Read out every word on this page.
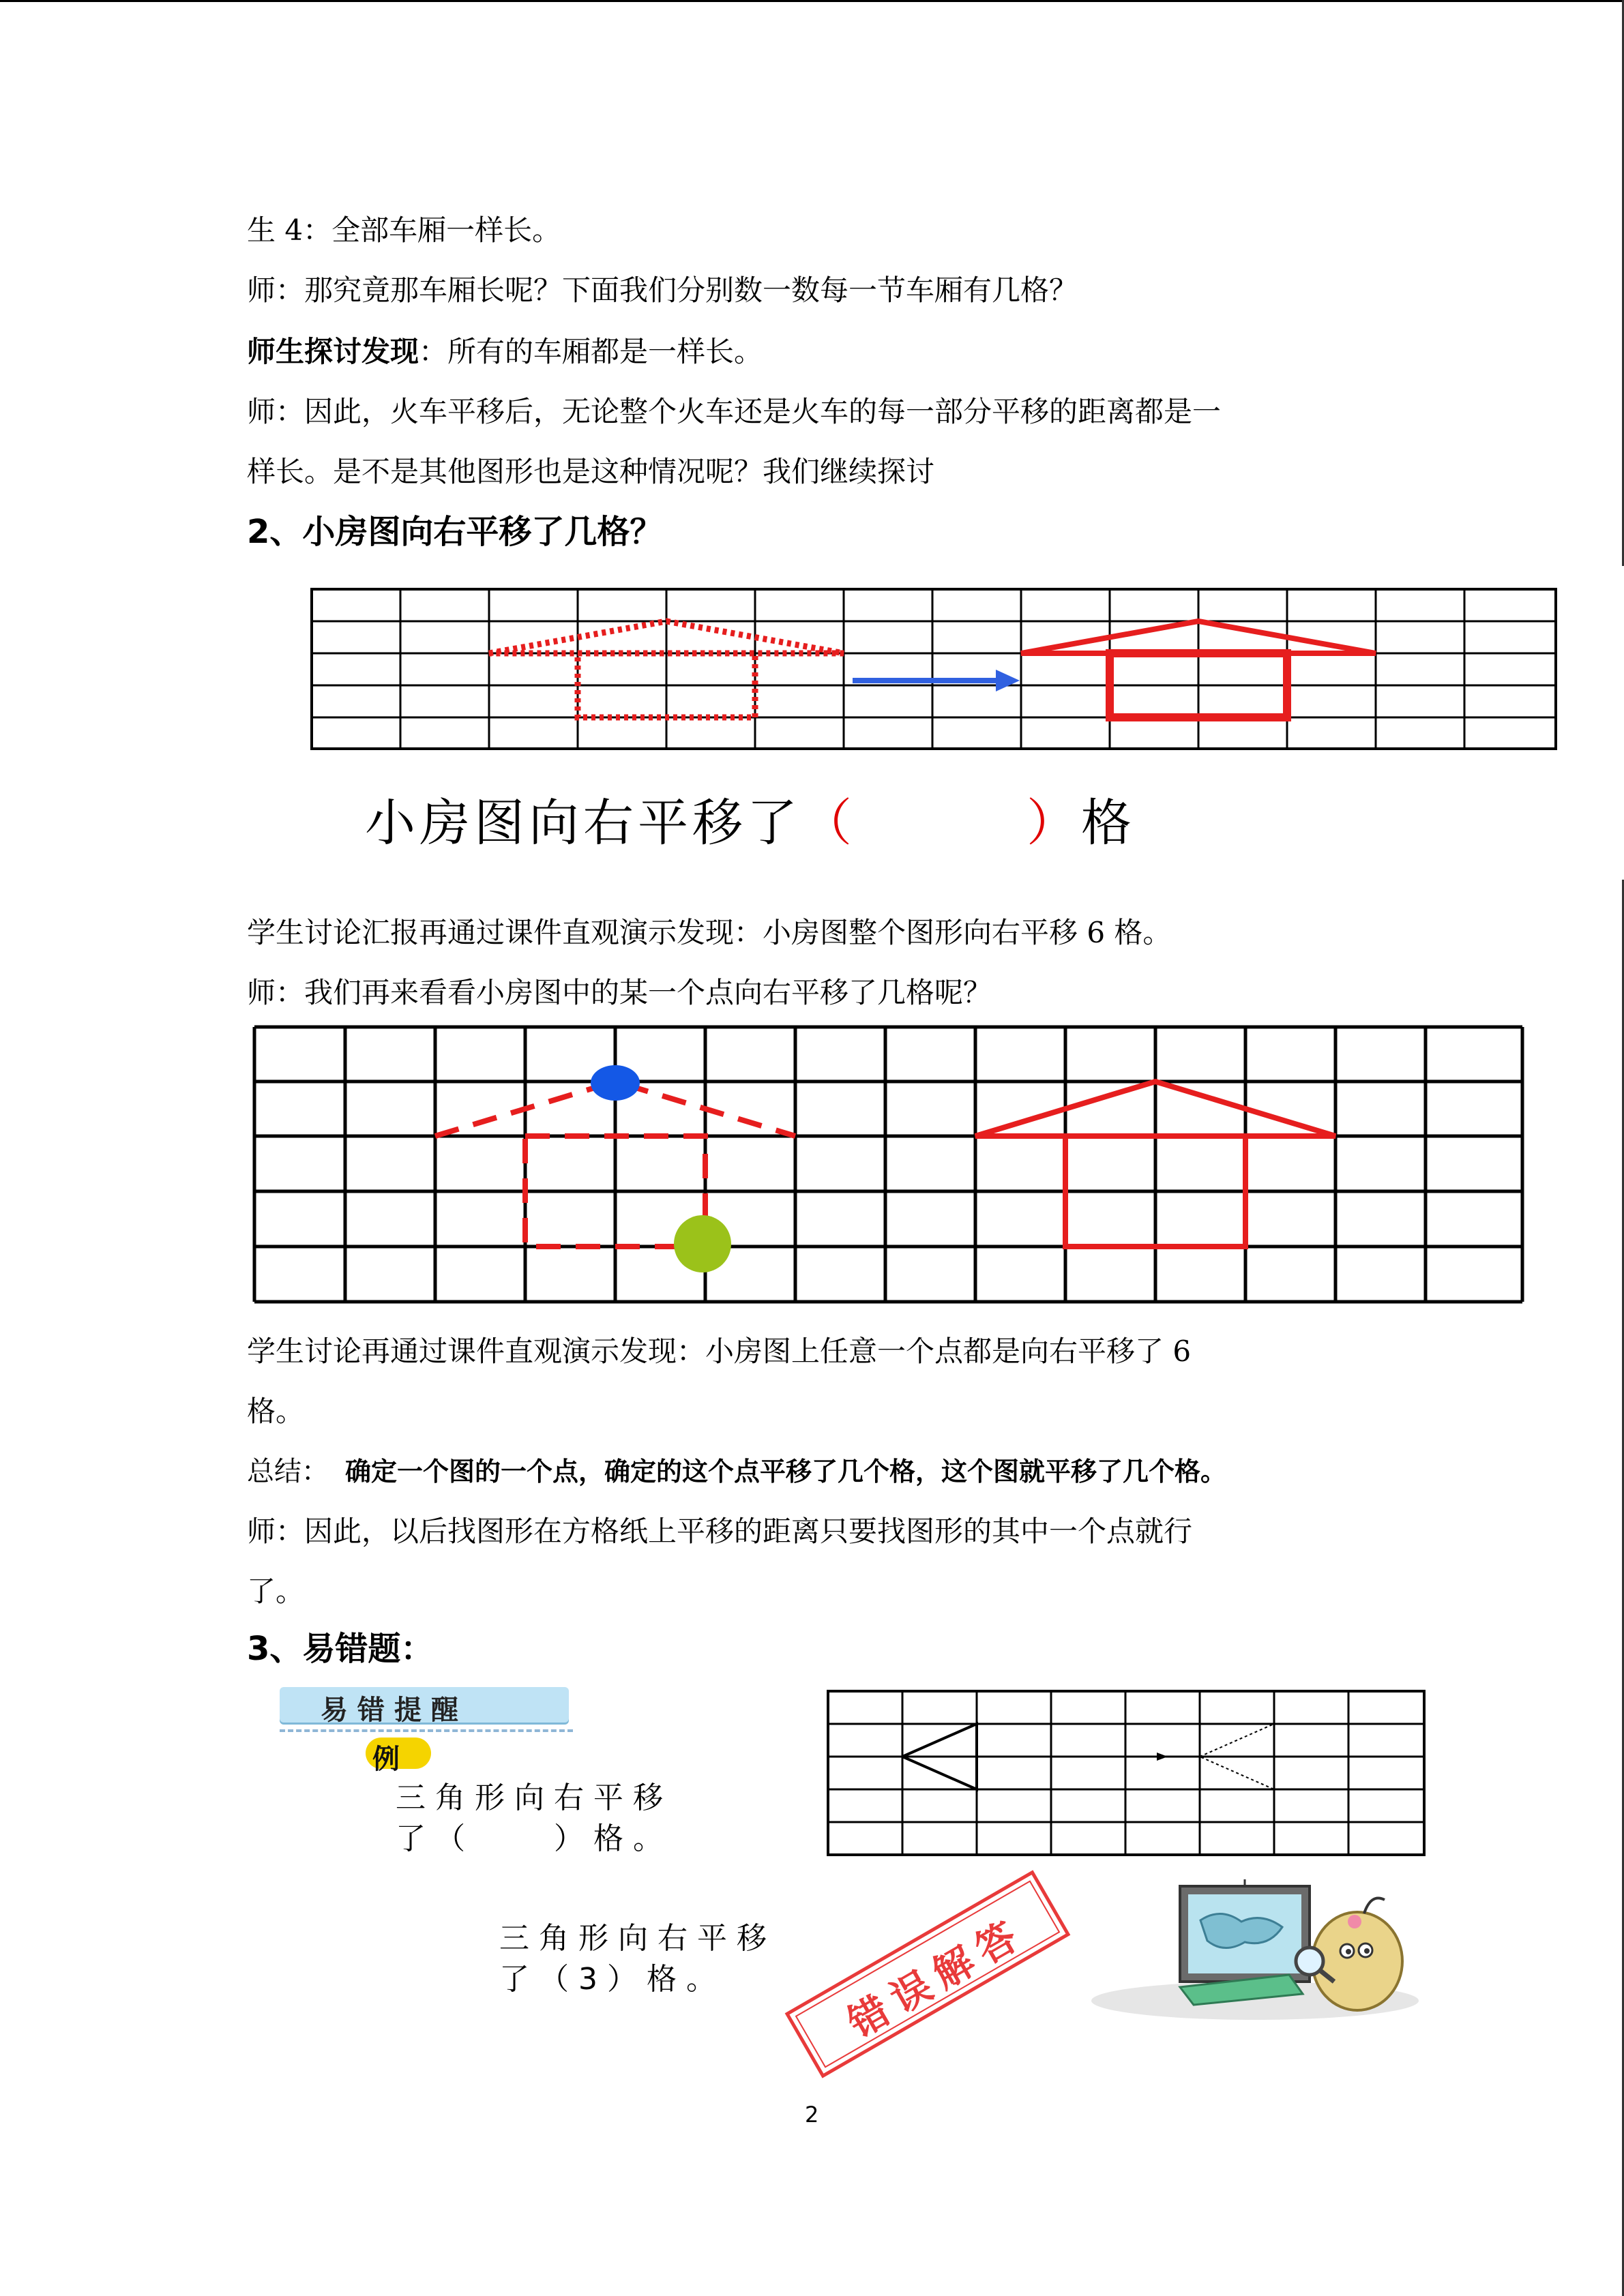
生 4：全部车厢一样长。
师：那究竟那车厢长呢？下面我们分别数一数每一节车厢有几格？
师生探讨发现：所有的车厢都是一样长。
师：因此，火车平移后，无论整个火车还是火车的每一部分平移的距离都是一
样长。是不是其他图形也是这种情况呢？我们继续探讨
2、小房图向右平移了几格？
小房图向右平移了（	）格
学生讨论汇报再通过课件直观演示发现：小房图整个图形向右平移 6 格。
师：我们再来看看小房图中的某一个点向右平移了几格呢？
学生讨论再通过课件直观演示发现：小房图上任意一个点都是向右平移了 6
格。
总结： 确定一个图的一个点，确定的这个点平移了几个格，这个图就平移了几个格。
师：因此，以后找图形在方格纸上平移的距离只要找图形的其中一个点就行
了。
3、易错题：
易错提醒
例
三角形向右平移
了（　　）格。
三角形向右平移
了（3）格。	错误解答
2
